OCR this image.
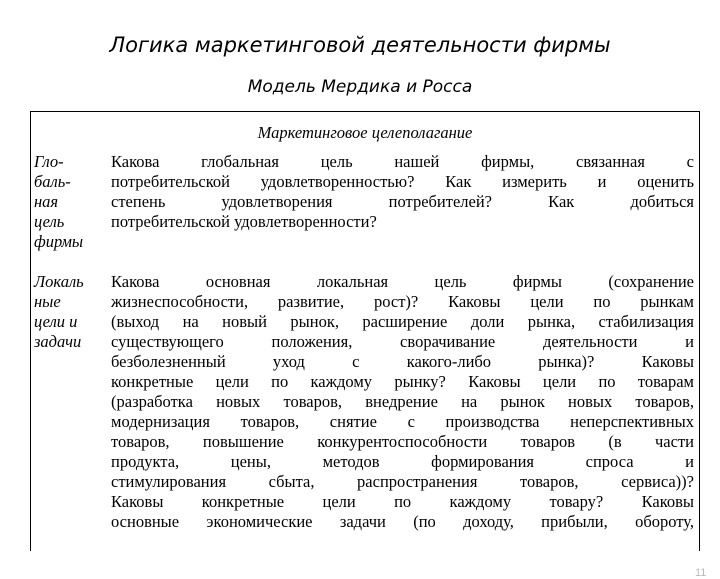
Логика маркетинговой деятельности фирмы
Модель Мердика и Росса
Маркетинговое целеполагание
Гло-
баль-
ная
цель
фирмы
Какова глобальная цель нашей фирмы, связанная с
потребительской удовлетворенностью? Как измерить и оценить
степень удовлетворения потребителей? Как добиться
потребительской удовлетворенности?
Локаль
ные
цели и
задачи
Какова основная локальная цель фирмы (сохранение
жизнеспособности, развитие, рост)? Каковы цели по рынкам
(выход на новый рынок, расширение доли рынка, стабилизация
существующего положения, сворачивание деятельности и
безболезненный уход с какого-либо рынка)? Каковы
конкретные цели по каждому рынку? Каковы цели по товарам
(разработка новых товаров, внедрение на рынок новых товаров,
модернизация товаров, снятие с производства неперспективных
товаров, повышение конкурентоспособности товаров (в части
продукта, цены, методов формирования спроса и
стимулирования сбыта, распространения товаров, сервиса))?
Каковы конкретные цели по каждому товару? Каковы
основные экономические задачи (по доходу, прибыли, обороту,
11
